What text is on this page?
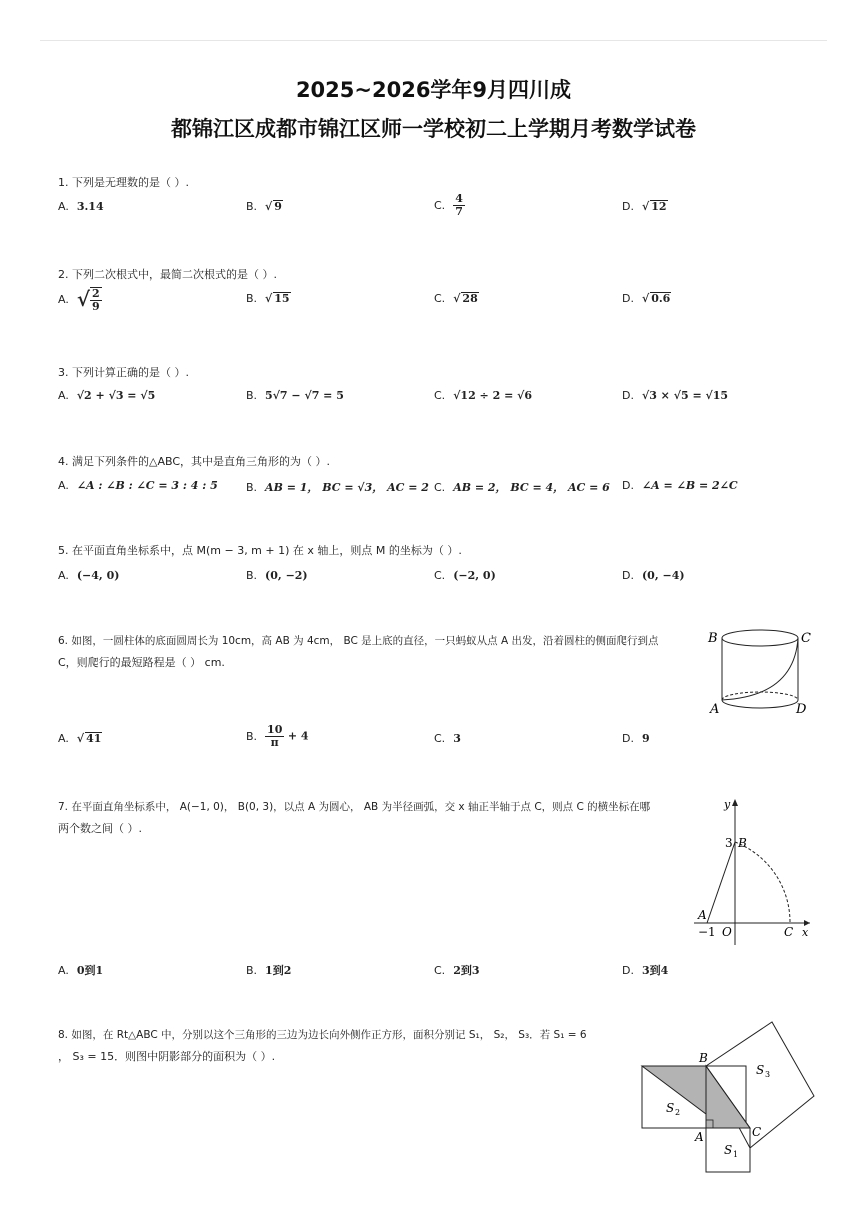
2025~2026学年9月四川成
都锦江区成都市锦江区师一学校初二上学期月考数学试卷
1. 下列是无理数的是（ ）.
A. 3.14	B. √ 9	C. $\frac{4}{7}$	D. √ 12
2. 下列二次根式中，最简二次根式的是（ ）.
A. √ $\frac{2}{9}$	B. √ 15	C. √ 28	D. √ 0.6
3. 下列计算正确的是（ ）.
A. √2 + √3 = √5	B. 5√7 − √7 = 5	C. √12 ÷ 2 = √6	D. √3 × √5 = √15
4. 满足下列条件的△ABC，其中是直角三角形的为（ ）.
A. ∠A : ∠B : ∠C = 3 : 4 : 5	B. AB = 1， BC = √3， AC = 2 C. AB = 2， BC = 4， AC = 6 D. ∠A = ∠B = 2∠C
5. 在平面直角坐标系中，点 M(m − 3, m + 1) 在 x 轴上，则点 M 的坐标为（ ）.
A. (−4, 0)	B. (0, −2)	C. (−2, 0)	D. (0, −4)
6. 如图，一圆柱体的底面圆周长为 10cm，高 AB 为 4cm， BC 是上底的直径，一只蚂蚁从点 A 出发，沿着圆柱的侧面爬行到点
C，则爬行的最短路程是（ ） cm.
B	C
A	D
A. √ 41	B. $\frac{10}{\pi} + 4$	C. 3	D. 9
7. 在平面直角坐标系中， A(−1, 0)， B(0, 3)，以点 A 为圆心， AB 为半径画弧，交 x 轴正半轴于点 C，则点 C 的横坐标在哪
两个数之间（ ）.
y
x
3 B
A
−1 O	C
A. 0到1	B. 1到2	C. 2到3	D. 3到4
8. 如图，在 Rt△ABC 中，分别以这个三角形的三边为边长向外侧作正方形，面积分别记 S₁， S₂， S₃．若 S₁ = 6
， S₃ = 15．则图中阴影部分的面积为（ ）.	B
A	C
S 2
S 1
S 3
